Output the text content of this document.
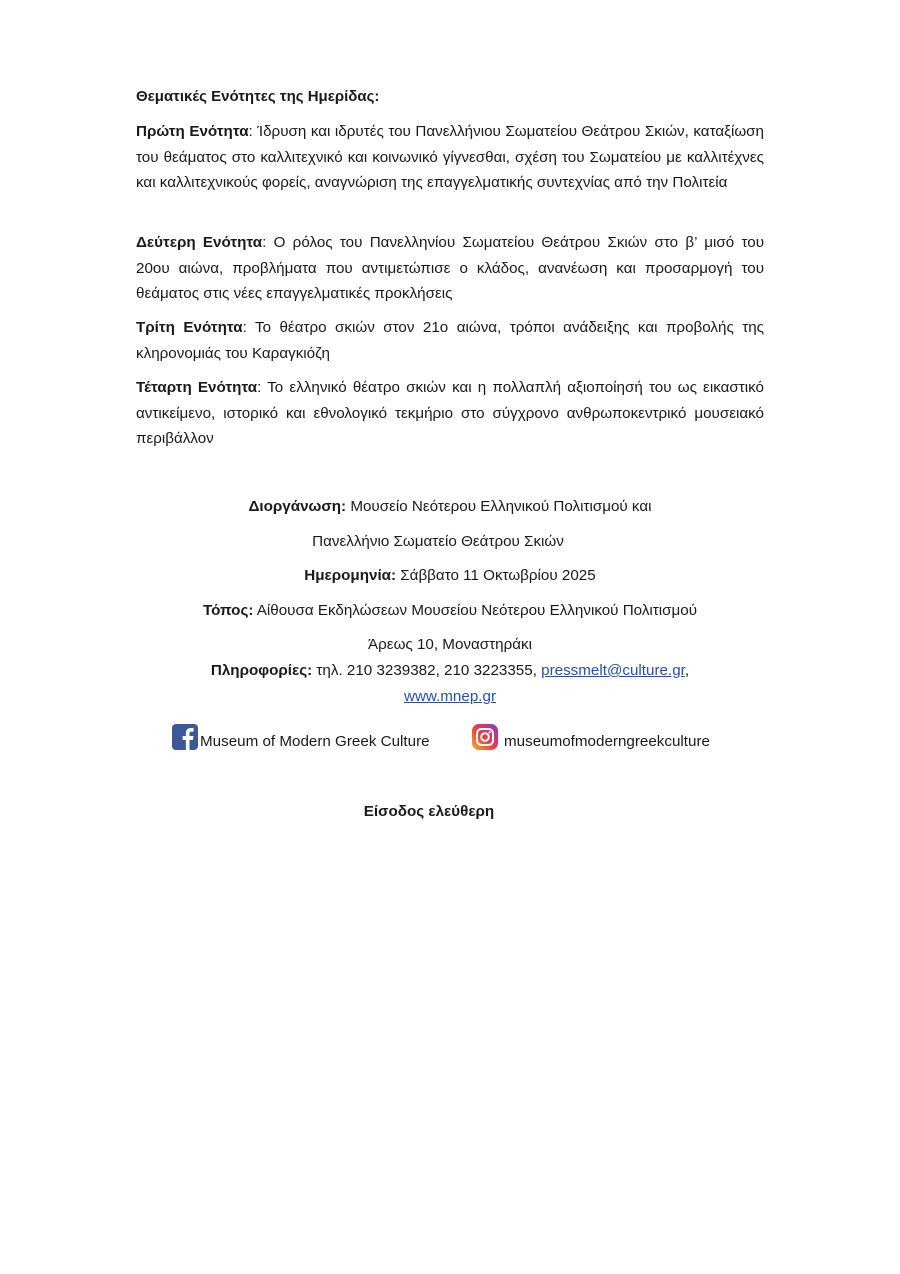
Θεματικές Ενότητες της Ημερίδας:
Πρώτη Ενότητα: Ίδρυση και ιδρυτές του Πανελλήνιου Σωματείου Θεάτρου Σκιών, καταξίωση του θεάματος στο καλλιτεχνικό και κοινωνικό γίγνεσθαι, σχέση του Σωματείου με καλλιτέχνες και καλλιτεχνικούς φορείς, αναγνώριση της επαγγελματικής συντεχνίας από την Πολιτεία
Δεύτερη Ενότητα: Ο ρόλος του Πανελληνίου Σωματείου Θεάτρου Σκιών στο β’ μισό του 20ου αιώνα, προβλήματα που αντιμετώπισε ο κλάδος, ανανέωση και προσαρμογή του θεάματος στις νέες επαγγελματικές προκλήσεις
Τρίτη Ενότητα: Το θέατρο σκιών στον 21ο αιώνα, τρόποι ανάδειξης και προβολής της κληρονομιάς του Καραγκιόζη
Τέταρτη Ενότητα: Το ελληνικό θέατρο σκιών και η πολλαπλή αξιοποίησή του ως εικαστικό αντικείμενο, ιστορικό και εθνολογικό τεκμήριο στο σύγχρονο ανθρωποκεντρικό μουσειακό περιβάλλον
Διοργάνωση: Μουσείο Νεότερου Ελληνικού Πολιτισμού και
Πανελλήνιο Σωματείο Θεάτρου Σκιών
Ημερομηνία: Σάββατο 11 Οκτωβρίου 2025
Τόπος: Αίθουσα Εκδηλώσεων Μουσείου Νεότερου Ελληνικού Πολιτισμού
Άρεως 10, Μοναστηράκι
Πληροφορίες: τηλ. 210 3239382, 210 3223355, pressmelt@culture.gr,
www.mnep.gr
Museum of Modern Greek Culture	museumofmoderngreekculture
Είσοδος ελεύθερη
